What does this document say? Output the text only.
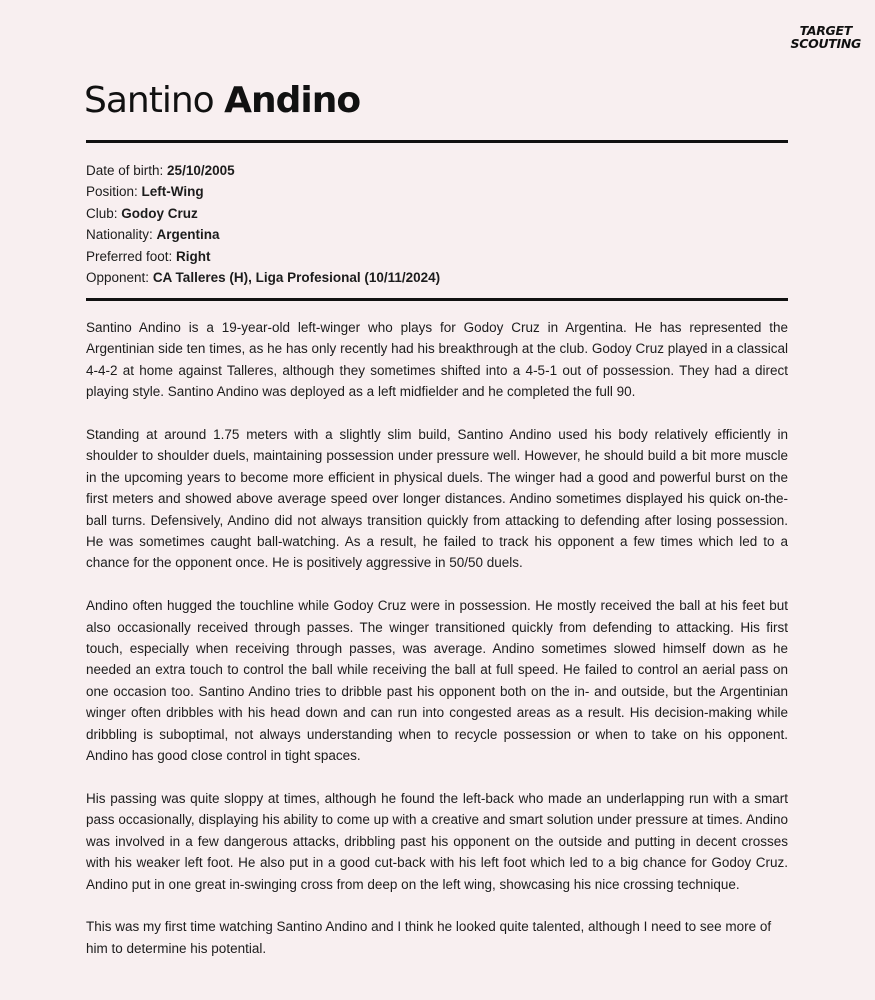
TARGET
SCOUTING
Santino Andino
Date of birth: 25/10/2005
Position: Left-Wing
Club: Godoy Cruz
Nationality: Argentina
Preferred foot: Right
Opponent: CA Talleres (H), Liga Profesional (10/11/2024)

Santino Andino is a 19-year-old left-winger who plays for Godoy Cruz in Argentina. He has represented the Argentinian side ten times, as he has only recently had his breakthrough at the club. Godoy Cruz played in a classical 4-4-2 at home against Talleres, although they sometimes shifted into a 4-5-1 out of possession. They had a direct playing style. Santino Andino was deployed as a left midfielder and he completed the full 90.

Standing at around 1.75 meters with a slightly slim build, Santino Andino used his body relatively efficiently in shoulder to shoulder duels, maintaining possession under pressure well. However, he should build a bit more muscle in the upcoming years to become more efficient in physical duels. The winger had a good and powerful burst on the first meters and showed above average speed over longer distances. Andino sometimes displayed his quick on-the-ball turns. Defensively, Andino did not always transition quickly from attacking to defending after losing possession. He was sometimes caught ball-watching. As a result, he failed to track his opponent a few times which led to a chance for the opponent once. He is positively aggressive in 50/50 duels.

Andino often hugged the touchline while Godoy Cruz were in possession. He mostly received the ball at his feet but also occasionally received through passes. The winger transitioned quickly from defending to attacking. His first touch, especially when receiving through passes, was average. Andino sometimes slowed himself down as he needed an extra touch to control the ball while receiving the ball at full speed. He failed to control an aerial pass on one occasion too. Santino Andino tries to dribble past his opponent both on the in- and outside, but the Argentinian winger often dribbles with his head down and can run into congested areas as a result. His decision-making while dribbling is suboptimal, not always understanding when to recycle possession or when to take on his opponent. Andino has good close control in tight spaces.

His passing was quite sloppy at times, although he found the left-back who made an underlapping run with a smart pass occasionally, displaying his ability to come up with a creative and smart solution under pressure at times. Andino was involved in a few dangerous attacks, dribbling past his opponent on the outside and putting in decent crosses with his weaker left foot. He also put in a good cut-back with his left foot which led to a big chance for Godoy Cruz. Andino put in one great in-swinging cross from deep on the left wing, showcasing his nice crossing technique.

This was my first time watching Santino Andino and I think he looked quite talented, although I need to see more of him to determine his potential.
